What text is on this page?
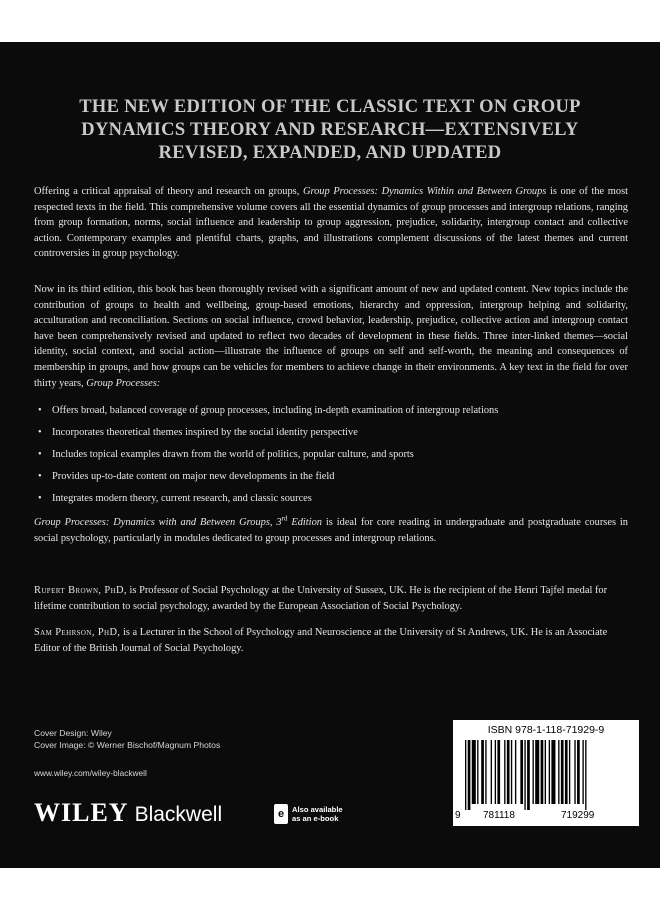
THE NEW EDITION OF THE CLASSIC TEXT ON GROUP
DYNAMICS THEORY AND RESEARCH—EXTENSIVELY
REVISED, EXPANDED, AND UPDATED

Offering a critical appraisal of theory and research on groups, Group Processes: Dynamics Within and Between Groups is one of the most respected texts in the field. This comprehensive volume covers all the essential dynamics of group processes and intergroup relations, ranging from group formation, norms, social influence and leadership to group aggression, prejudice, solidarity, intergroup contact and collective action. Contemporary examples and plentiful charts, graphs, and illustrations complement discussions of the latest themes and current controversies in group psychology.

Now in its third edition, this book has been thoroughly revised with a significant amount of new and updated content. New topics include the contribution of groups to health and wellbeing, group-based emotions, hierarchy and oppression, intergroup helping and solidarity, acculturation and reconciliation. Sections on social influence, crowd behavior, leadership, prejudice, collective action and intergroup contact have been comprehensively revised and updated to reflect two decades of development in these fields. Three inter-linked themes—social identity, social context, and social action—illustrate the influence of groups on self and self-worth, the meaning and consequences of membership in groups, and how groups can be vehicles for members to achieve change in their environments. A key text in the field for over thirty years, Group Processes:

• Offers broad, balanced coverage of group processes, including in-depth examination of intergroup relations
• Incorporates theoretical themes inspired by the social identity perspective
• Includes topical examples drawn from the world of politics, popular culture, and sports
• Provides up-to-date content on major new developments in the field
• Integrates modern theory, current research, and classic sources

Group Processes: Dynamics with and Between Groups, 3rd Edition is ideal for core reading in undergraduate and postgraduate courses in social psychology, particularly in modules dedicated to group processes and intergroup relations.

Rupert Brown, PhD, is Professor of Social Psychology at the University of Sussex, UK. He is the recipient of the Henri Tajfel medal for lifetime contribution to social psychology, awarded by the European Association of Social Psychology.

Sam Pehrson, PhD, is a Lecturer in the School of Psychology and Neuroscience at the University of St Andrews, UK. He is an Associate Editor of the British Journal of Social Psychology.

Cover Design: Wiley
Cover Image: © Werner Bischof/Magnum Photos
www.wiley.com/wiley-blackwell
WILEY Blackwell	e	Also available
as an e-book
ISBN 978-1-118-71929-9
9 781118	719299
